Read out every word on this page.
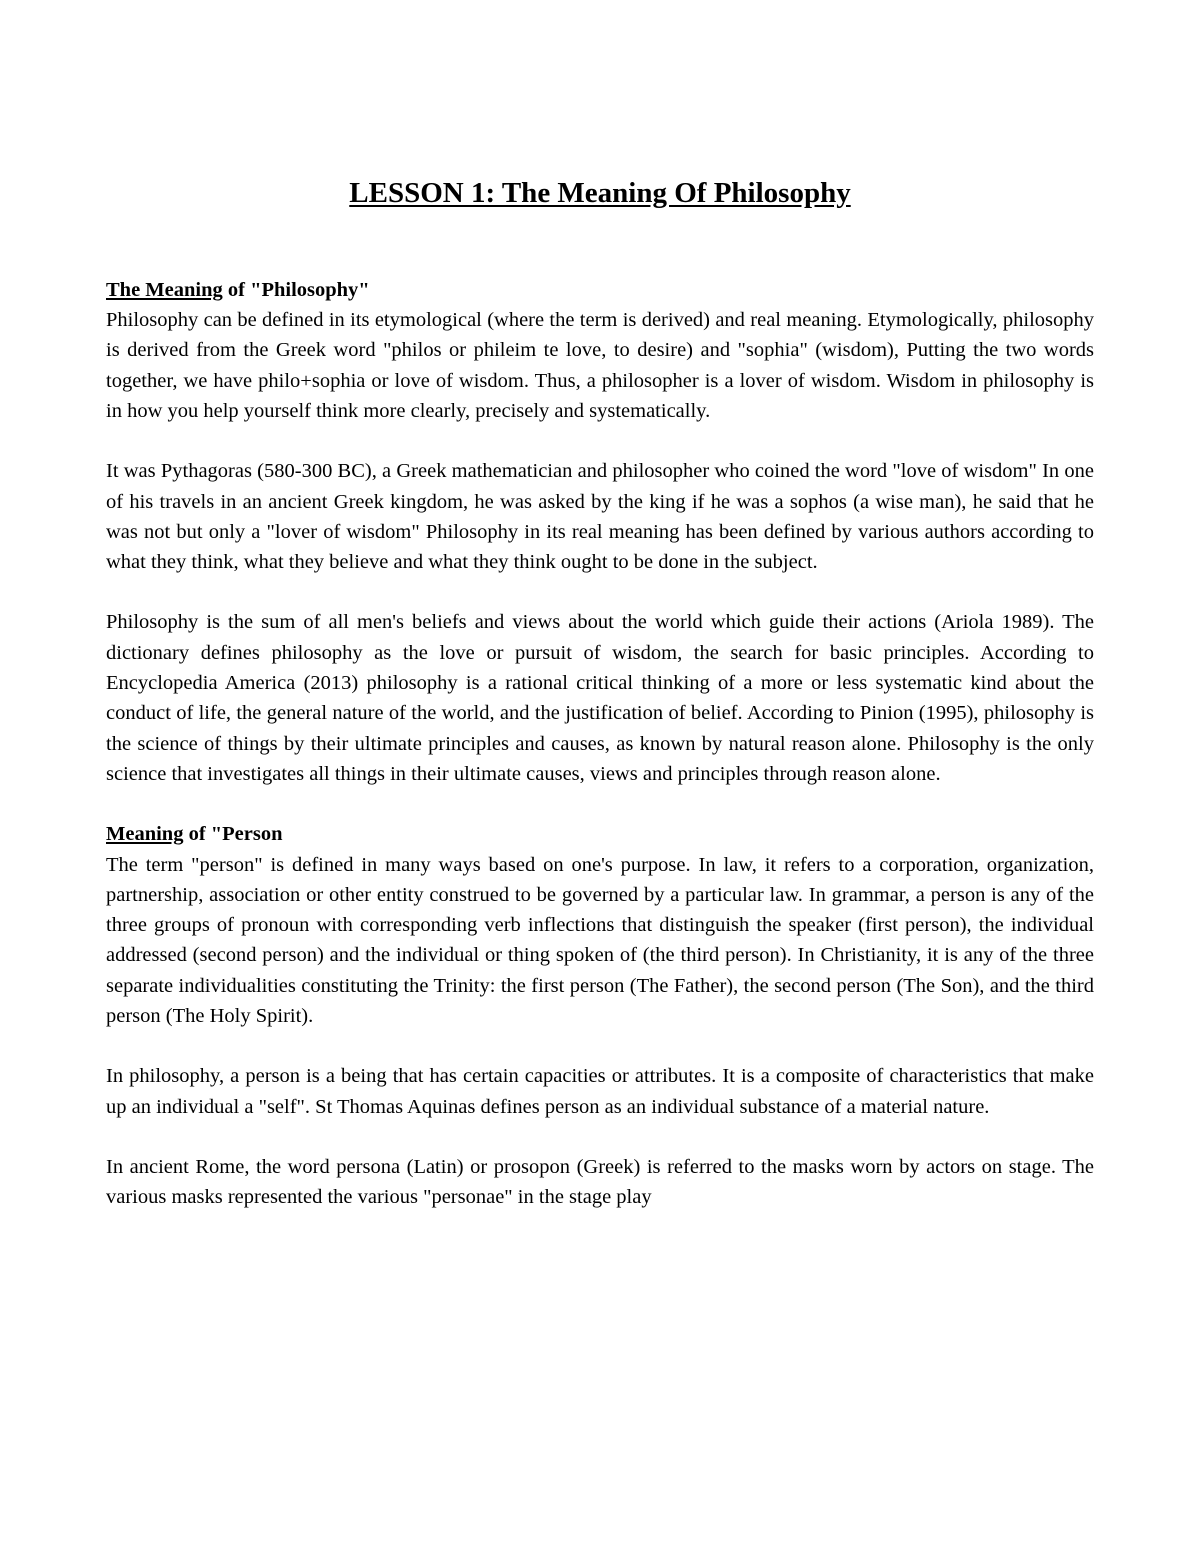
LESSON 1: The Meaning Of Philosophy

The Meaning of "Philosophy"

Philosophy can be defined in its etymological (where the term is derived) and real meaning. Etymologically, philosophy is derived from the Greek word "philos or phileim te love, to desire) and "sophia" (wisdom), Putting the two words together, we have philo+sophia or love of wisdom. Thus, a philosopher is a lover of wisdom. Wisdom in philosophy is in how you help yourself think more clearly, precisely and systematically.

It was Pythagoras (580-300 BC), a Greek mathematician and philosopher who coined the word "love of wisdom" In one of his travels in an ancient Greek kingdom, he was asked by the king if he was a sophos (a wise man), he said that he was not but only a "lover of wisdom" Philosophy in its real meaning has been defined by various authors according to what they think, what they believe and what they think ought to be done in the subject.

Philosophy is the sum of all men's beliefs and views about the world which guide their actions (Ariola 1989). The dictionary defines philosophy as the love or pursuit of wisdom, the search for basic principles. According to Encyclopedia America (2013) philosophy is a rational critical thinking of a more or less systematic kind about the conduct of life, the general nature of the world, and the justification of belief. According to Pinion (1995), philosophy is the science of things by their ultimate principles and causes, as known by natural reason alone. Philosophy is the only science that investigates all things in their ultimate causes, views and principles through reason alone.

Meaning of "Person

The term "person" is defined in many ways based on one's purpose. In law, it refers to a corporation, organization, partnership, association or other entity construed to be governed by a particular law. In grammar, a person is any of the three groups of pronoun with corresponding verb inflections that distinguish the speaker (first person), the individual addressed (second person) and the individual or thing spoken of (the third person). In Christianity, it is any of the three separate individualities constituting the Trinity: the first person (The Father), the second person (The Son), and the third person (The Holy Spirit).

In philosophy, a person is a being that has certain capacities or attributes. It is a composite of characteristics that make up an individual a "self". St Thomas Aquinas defines person as an individual substance of a material nature.

In ancient Rome, the word persona (Latin) or prosopon (Greek) is referred to the masks worn by actors on stage. The various masks represented the various "personae" in the stage play
